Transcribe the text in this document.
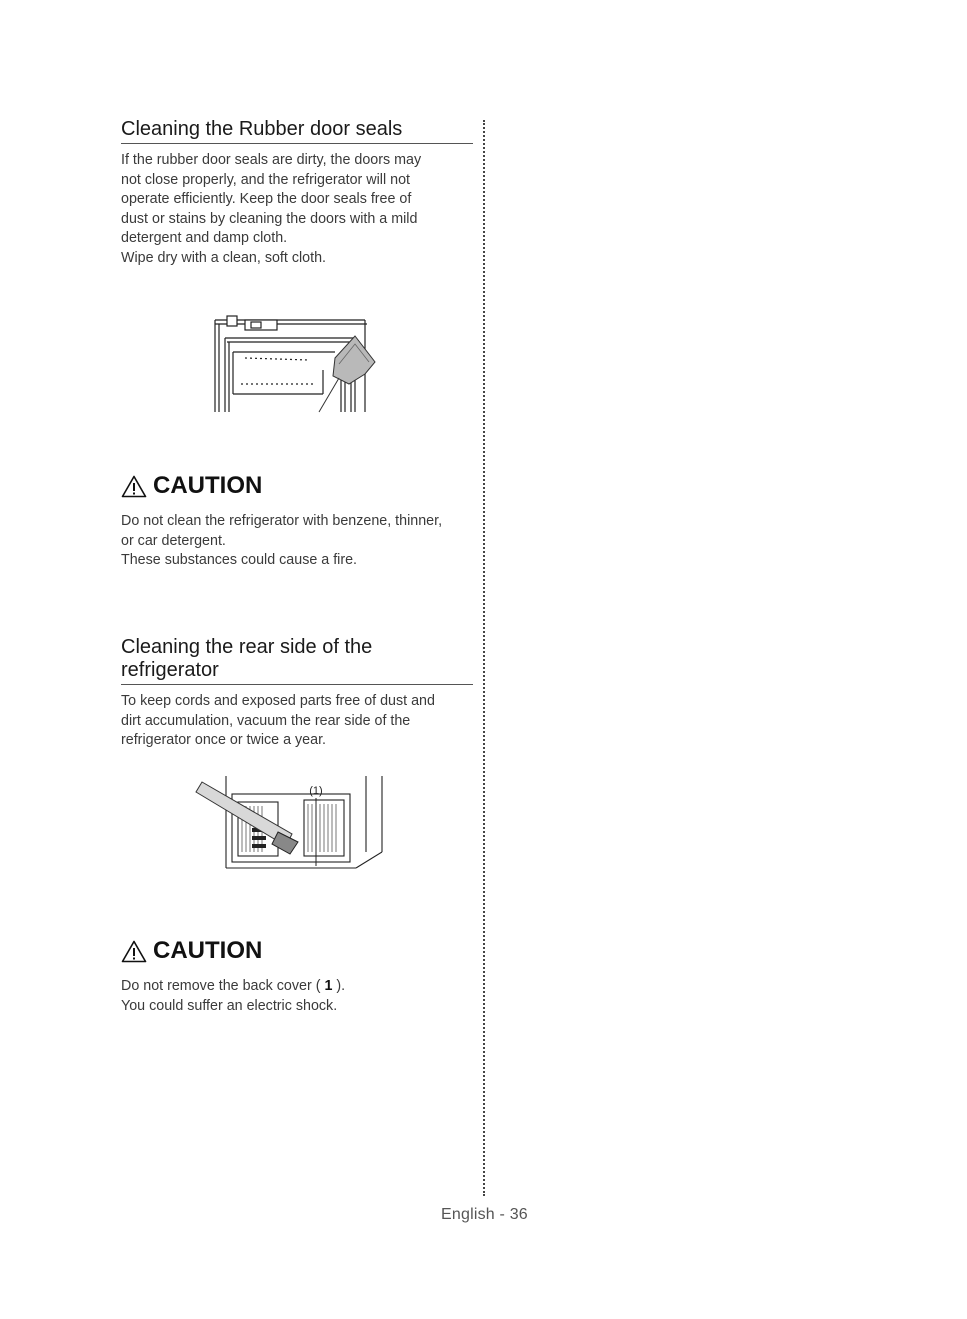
Cleaning the Rubber door seals

If the rubber door seals are dirty, the doors may
not close properly, and the refrigerator will not
operate efficiently. Keep the door seals free of
dust or stains by cleaning the doors with a mild
detergent and damp cloth.
Wipe dry with a clean, soft cloth.

CAUTION

Do not clean the refrigerator with benzene, thinner,
or car detergent.
These substances could cause a fire.

Cleaning the rear side of the
refrigerator

To keep cords and exposed parts free of dust and
dirt accumulation, vacuum the rear side of the
refrigerator once or twice a year.

(1)
CAUTION

Do not remove the back cover ( 1 ).
You could suffer an electric shock.

English - 36
